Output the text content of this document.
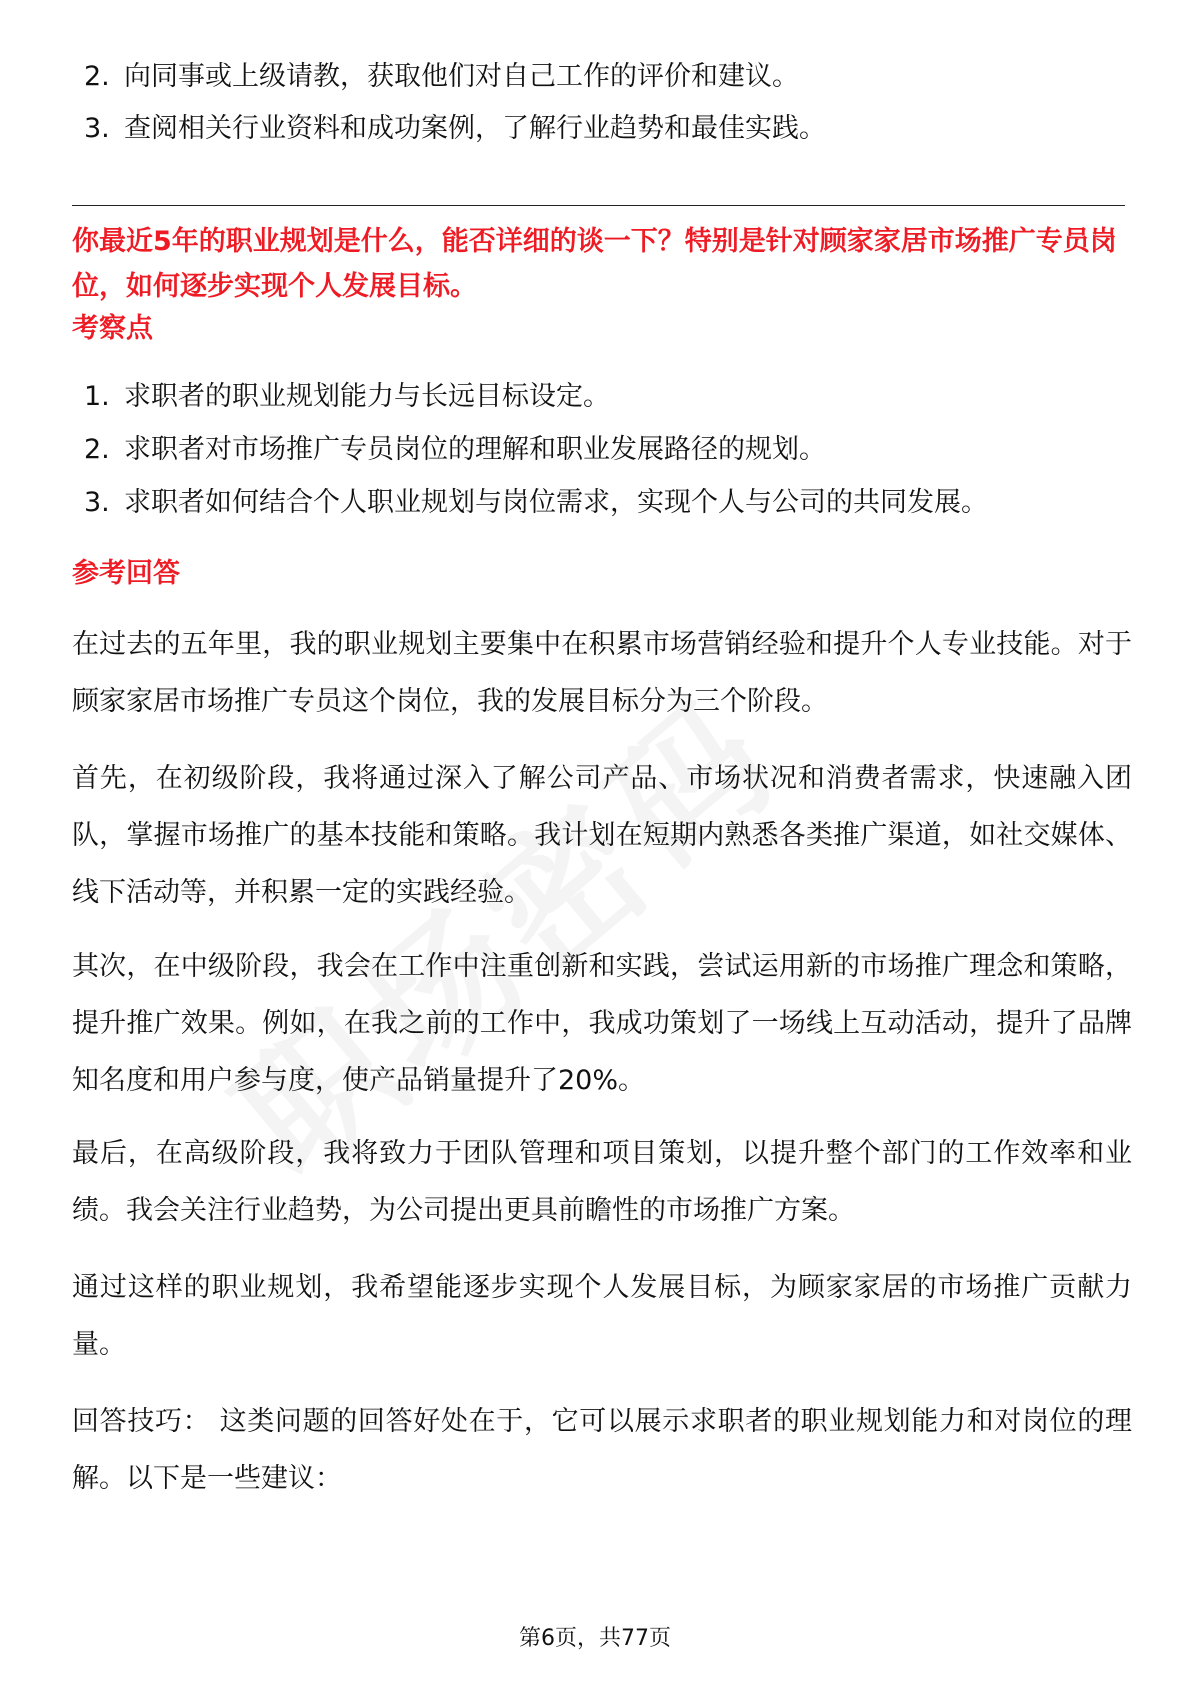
2. 向同事或上级请教，获取他们对自己工作的评价和建议。
3. 查阅相关行业资料和成功案例，了解行业趋势和最佳实践。
你最近5年的职业规划是什么，能否详细的谈一下？特别是针对顾家家居市场推广专员岗位，如何逐步实现个人发展目标。
考察点
1. 求职者的职业规划能力与长远目标设定。
2. 求职者对市场推广专员岗位的理解和职业发展路径的规划。
3. 求职者如何结合个人职业规划与岗位需求，实现个人与公司的共同发展。
参考回答

在过去的五年里，我的职业规划主要集中在积累市场营销经验和提升个人专业技能。对于顾家家居市场推广专员这个岗位，我的发展目标分为三个阶段。

首先，在初级阶段，我将通过深入了解公司产品、市场状况和消费者需求，快速融入团队，掌握市场推广的基本技能和策略。我计划在短期内熟悉各类推广渠道，如社交媒体、线下活动等，并积累一定的实践经验。

其次，在中级阶段，我会在工作中注重创新和实践，尝试运用新的市场推广理念和策略，提升推广效果。例如，在我之前的工作中，我成功策划了一场线上互动活动，提升了品牌知名度和用户参与度，使产品销量提升了20%。

最后，在高级阶段，我将致力于团队管理和项目策划，以提升整个部门的工作效率和业绩。我会关注行业趋势，为公司提出更具前瞻性的市场推广方案。

通过这样的职业规划，我希望能逐步实现个人发展目标，为顾家家居的市场推广贡献力量。

回答技巧： 这类问题的回答好处在于，它可以展示求职者的职业规划能力和对岗位的理解。以下是一些建议：

第6页，共77页
